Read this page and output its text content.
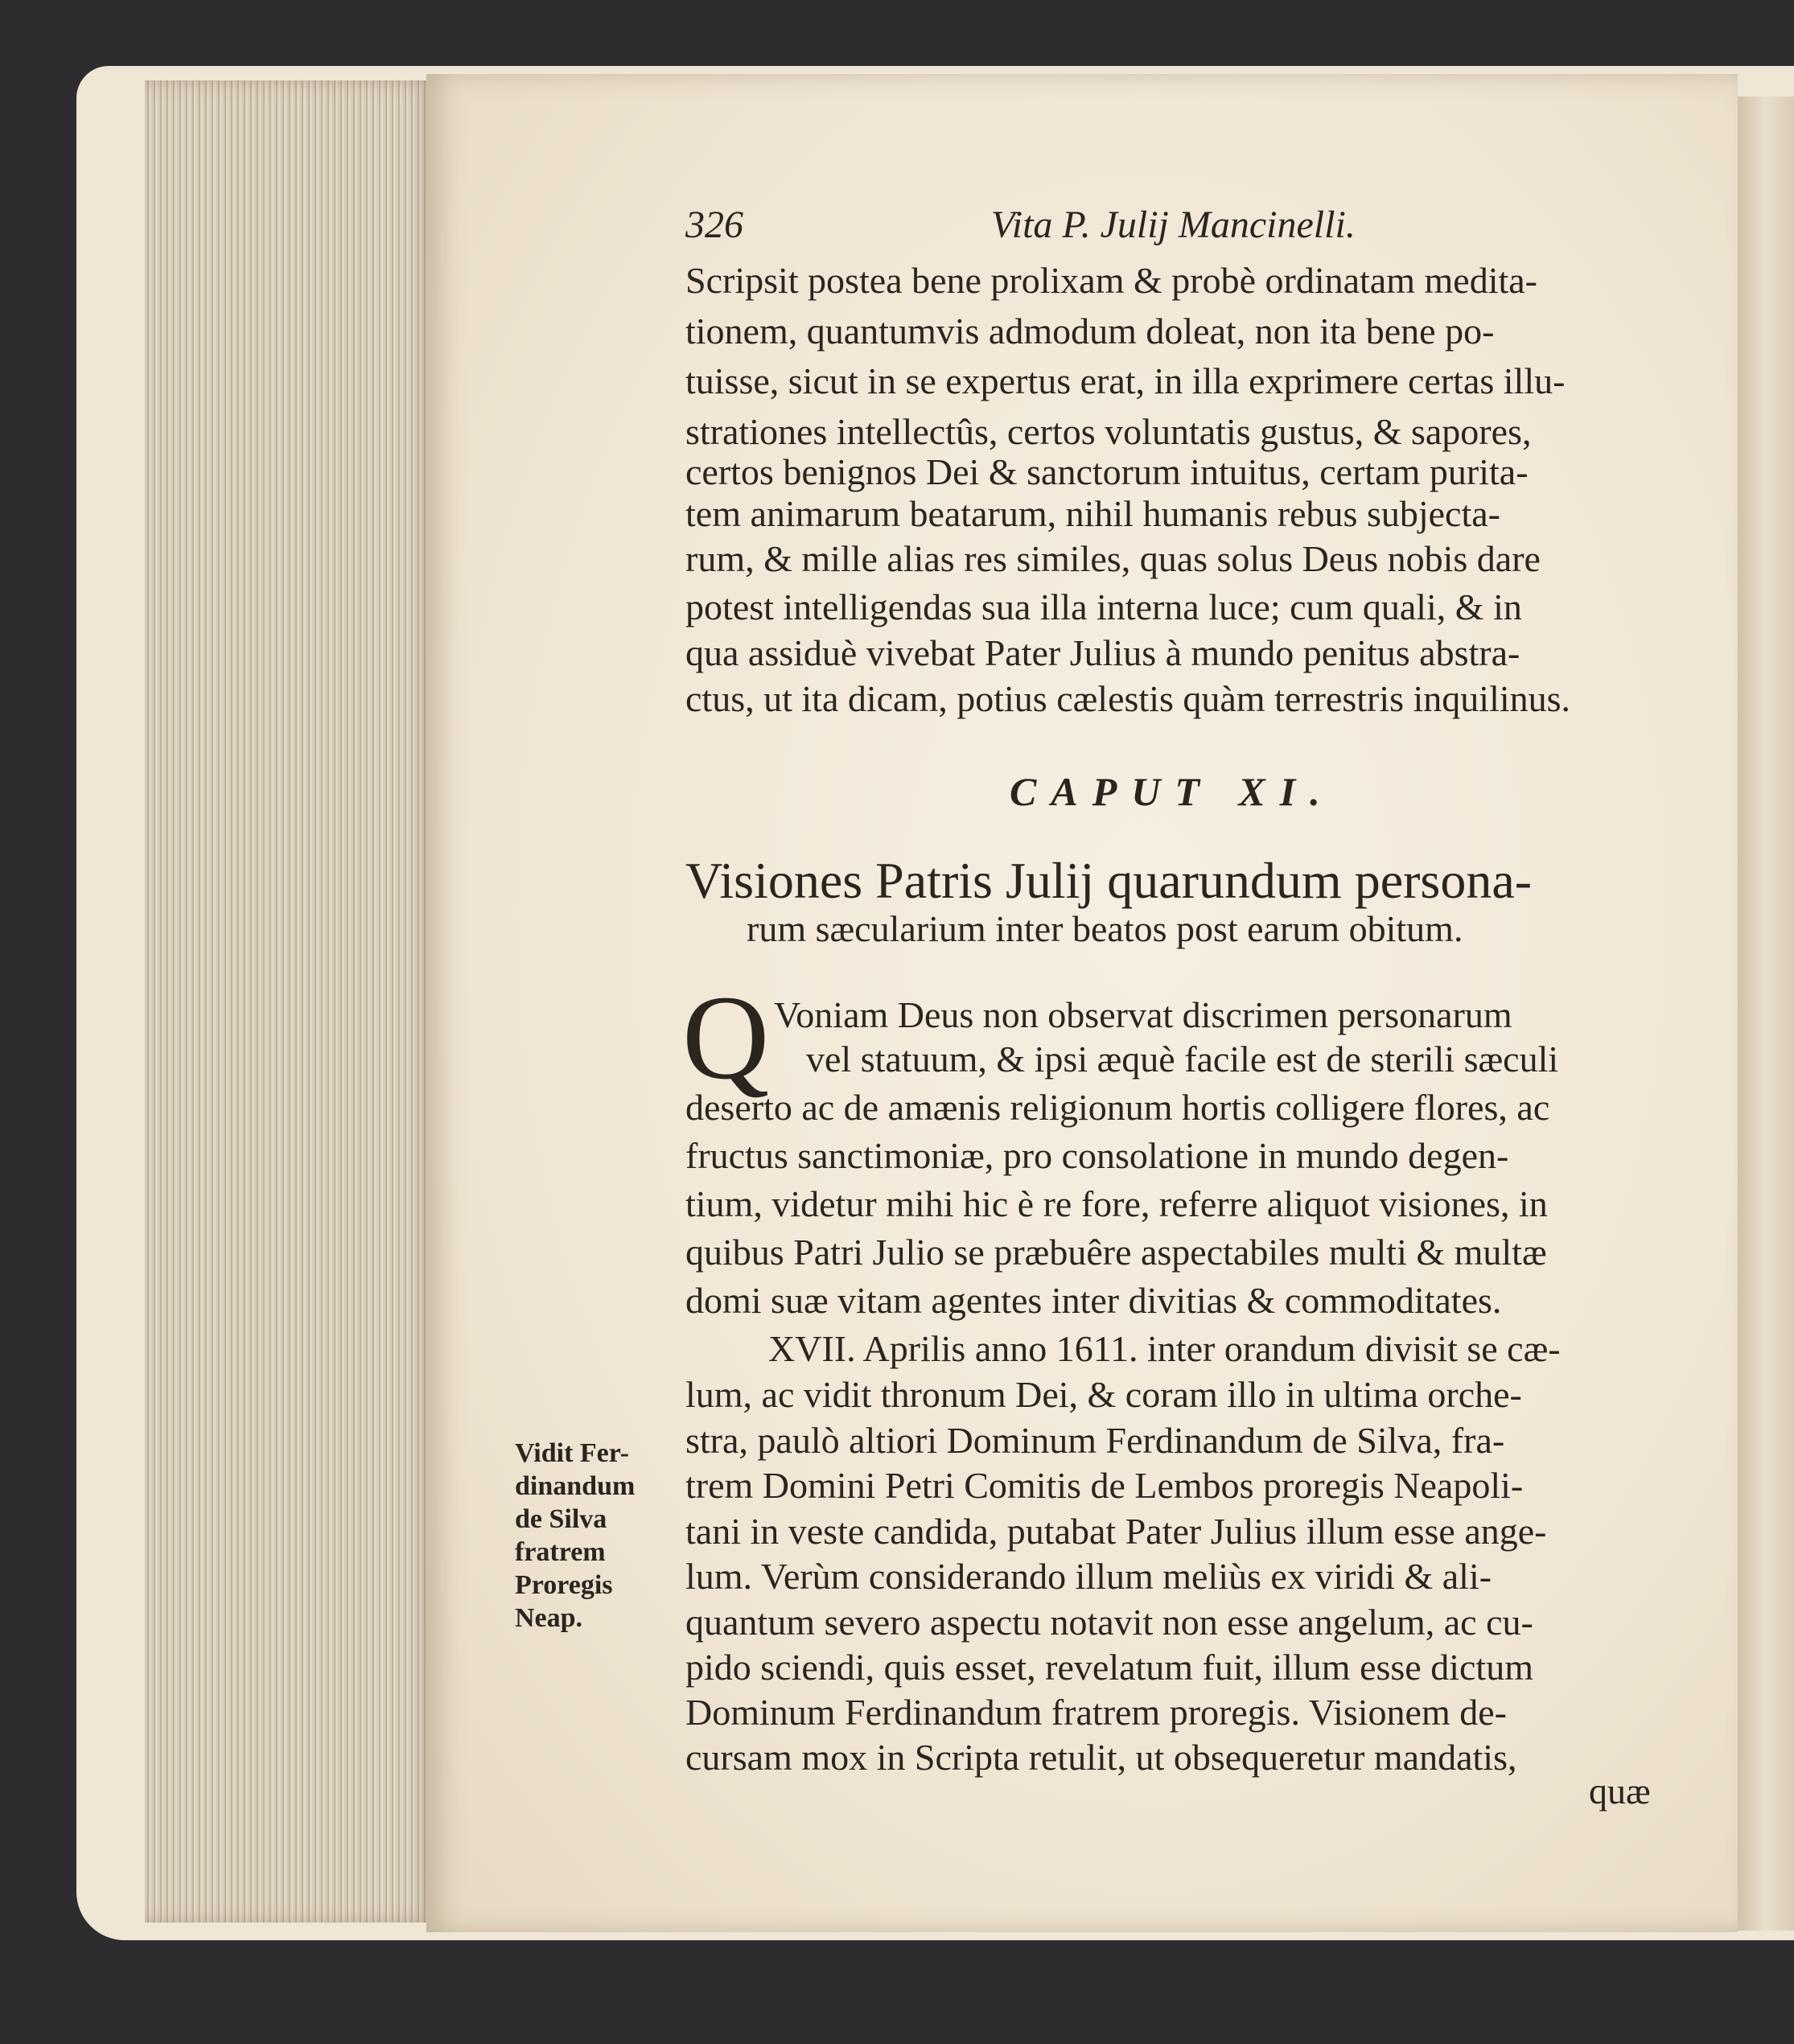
326	Vita P. Julij Mancinelli.
Scripsit postea bene prolixam & probè ordinatam medita-
tionem, quantumvis admodum doleat, non ita bene po-
tuisse, sicut in se expertus erat, in illa exprimere certas illu-
strationes intellectûs, certos voluntatis gustus, & sapores,
certos benignos Dei & sanctorum intuitus, certam purita-
tem animarum beatarum, nihil humanis rebus subjecta-
rum, & mille alias res similes, quas solus Deus nobis dare
potest intelligendas sua illa interna luce; cum quali, & in
qua assiduè vivebat Pater Julius à mundo penitus abstra-
ctus, ut ita dicam, potius cælestis quàm terrestris inquilinus.
CAPUT XI.
Visiones Patris Julij quarundum persona-
rum sæcularium inter beatos post earum obitum.
Q Voniam Deus non observat discrimen personarum
vel statuum, & ipsi æquè facile est de sterili sæculi
deserto ac de amænis religionum hortis colligere flores, ac
fructus sanctimoniæ, pro consolatione in mundo degen-
tium, videtur mihi hic è re fore, referre aliquot visiones, in
quibus Patri Julio se præbuêre aspectabiles multi & multæ
domi suæ vitam agentes inter divitias & commoditates.
XVII. Aprilis anno 1611. inter orandum divisit se cæ-
lum, ac vidit thronum Dei, & coram illo in ultima orche-
stra, paulò altiori Dominum Ferdinandum de Silva, fra-
trem Domini Petri Comitis de Lembos proregis Neapoli-
tani in veste candida, putabat Pater Julius illum esse ange-
lum. Verùm considerando illum meliùs ex viridi & ali-
quantum severo aspectu notavit non esse angelum, ac cu-
pido sciendi, quis esset, revelatum fuit, illum esse dictum
Dominum Ferdinandum fratrem proregis. Visionem de-
cursam mox in Scripta retulit, ut obsequeretur mandatis,
quæ
Vidit Fer-
dinandum
de Silva
fratrem
Proregis
Neap.
